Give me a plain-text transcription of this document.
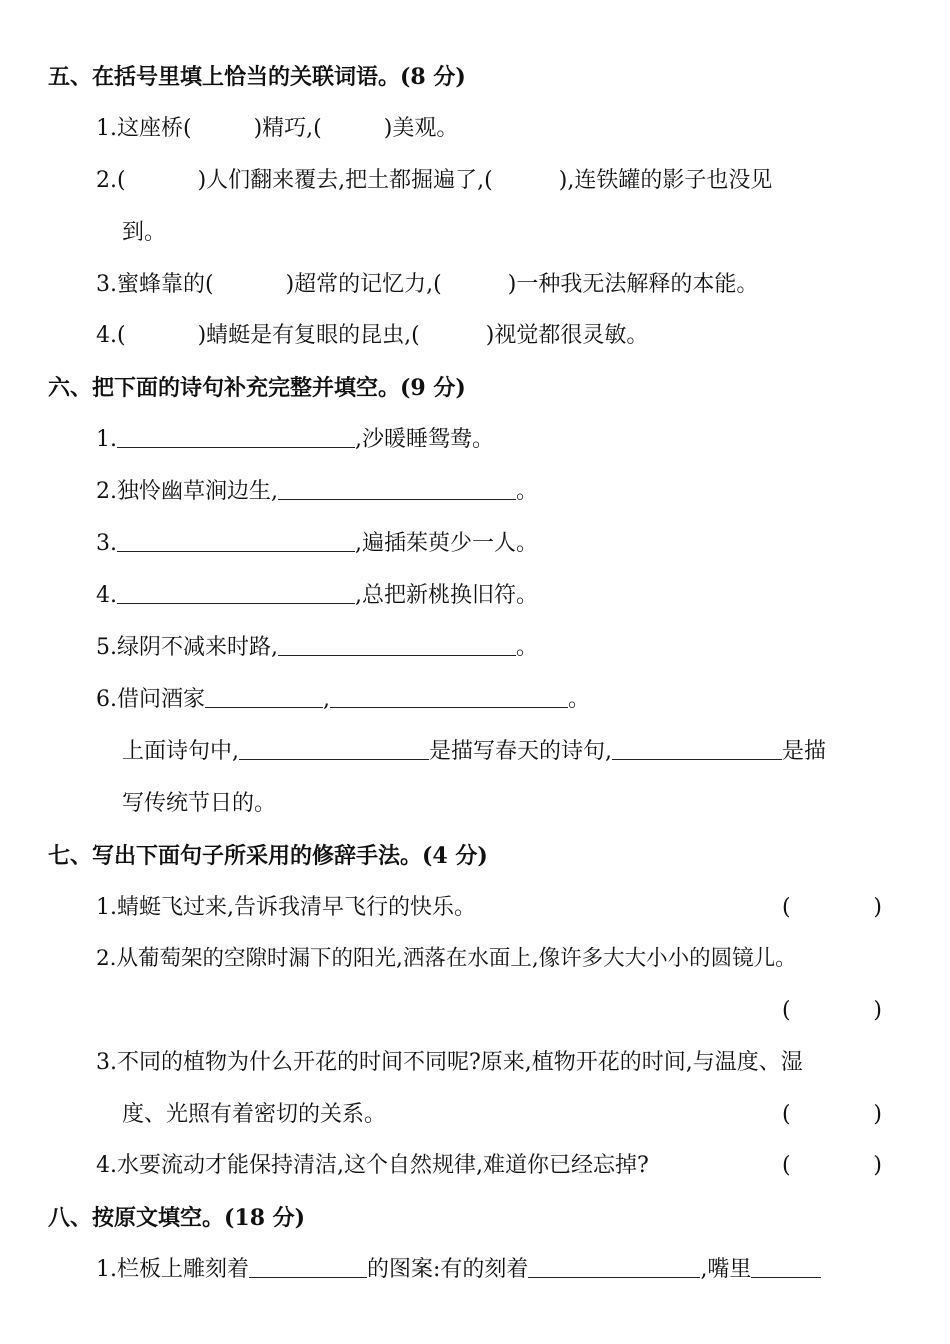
五、在括号里填上恰当的关联词语。(8 分)
1.这座桥(	)精巧,(	)美观。
2.(	)人们翻来覆去,把土都掘遍了,(	),连铁罐的影子也没见
到。
3.蜜蜂靠的(	)超常的记忆力,(	)一种我无法解释的本能。
4.(	)蜻蜓是有复眼的昆虫,(	)视觉都很灵敏。
六、把下面的诗句补充完整并填空。(9 分)
1.	,沙暖睡鸳鸯。
2.独怜幽草涧边生,	。
3.	,遍插茱萸少一人。
4.	,总把新桃换旧符。
5.绿阴不减来时路,	。
6.借问酒家	,	。
上面诗句中,	是描写春天的诗句,	是描
写传统节日的。
七、写出下面句子所采用的修辞手法。(4 分)
1.蜻蜓飞过来,告诉我清早飞行的快乐。	(	)
2.从葡萄架的空隙时漏下的阳光,洒落在水面上,像许多大大小小的圆镜儿。
(	)
3.不同的植物为什么开花的时间不同呢?原来,植物开花的时间,与温度、湿
度、光照有着密切的关系。	(	)
4.水要流动才能保持清洁,这个自然规律,难道你已经忘掉?	(	)
八、按原文填空。(18 分)
1.栏板上雕刻着	的图案:有的刻着	,嘴里
